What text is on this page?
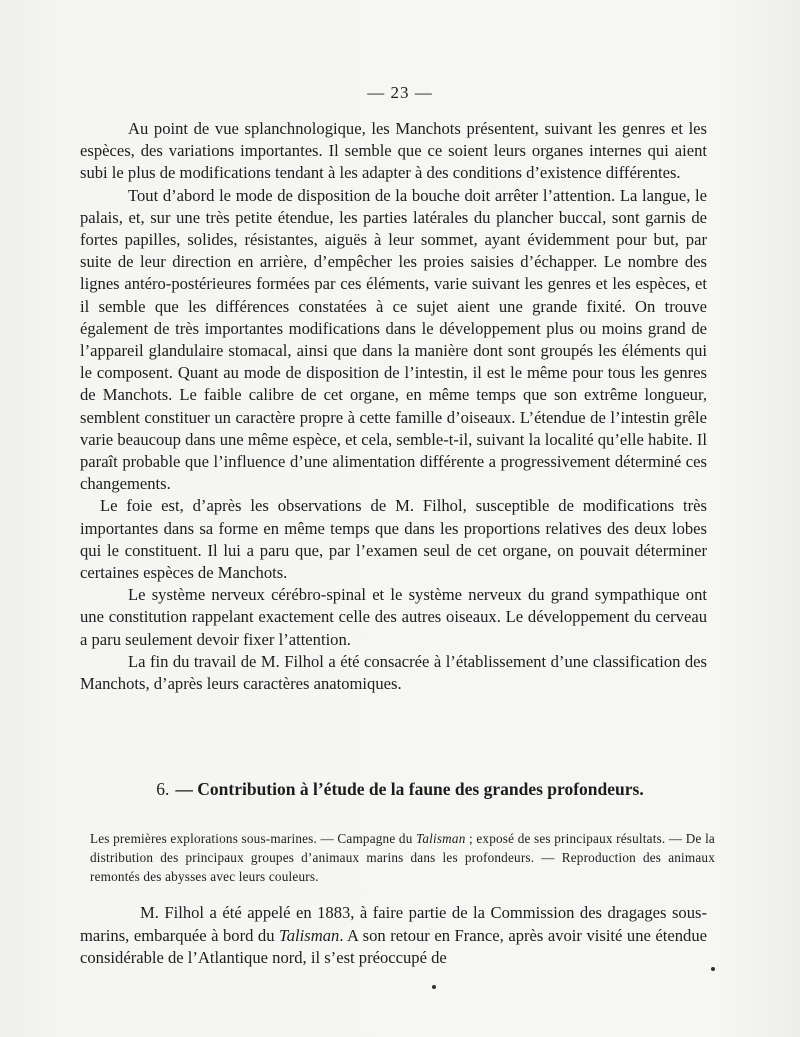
— 23 —

Au point de vue splanchnologique, les Manchots présentent, suivant les genres et les espèces, des variations importantes. Il semble que ce soient leurs organes internes qui aient subi le plus de modifications tendant à les adapter à des conditions d’existence différentes.

Tout d’abord le mode de disposition de la bouche doit arrêter l’attention. La langue, le palais, et, sur une très petite étendue, les parties latérales du plancher buccal, sont garnis de fortes papilles, solides, résistantes, aiguës à leur sommet, ayant évidemment pour but, par suite de leur direction en arrière, d’empêcher les proies saisies d’échapper. Le nombre des lignes antéro-postérieures formées par ces éléments, varie suivant les genres et les espèces, et il semble que les différences constatées à ce sujet aient une grande fixité. On trouve également de très importantes modifications dans le développement plus ou moins grand de l’appareil glandulaire stomacal, ainsi que dans la manière dont sont groupés les éléments qui le composent. Quant au mode de disposition de l’intestin, il est le même pour tous les genres de Manchots. Le faible calibre de cet organe, en même temps que son extrême longueur, semblent constituer un caractère propre à cette famille d’oiseaux. L’étendue de l’intestin grêle varie beaucoup dans une même espèce, et cela, semble-t-il, suivant la localité qu’elle habite. Il paraît probable que l’influence d’une alimentation différente a progressivement déterminé ces changements.

Le foie est, d’après les observations de M. Filhol, susceptible de modifications très importantes dans sa forme en même temps que dans les proportions relatives des deux lobes qui le constituent. Il lui a paru que, par l’examen seul de cet organe, on pouvait déterminer certaines espèces de Manchots.

Le système nerveux cérébro-spinal et le système nerveux du grand sympathique ont une constitution rappelant exactement celle des autres oiseaux. Le développement du cerveau a paru seulement devoir fixer l’attention.

La fin du travail de M. Filhol a été consacrée à l’établissement d’une classification des Manchots, d’après leurs caractères anatomiques.

6. — Contribution à l’étude de la faune des grandes profondeurs.

Les premières explorations sous-marines. — Campagne du Talisman ; exposé de ses principaux résultats. — De la distribution des principaux groupes d’animaux marins dans les profondeurs. — Reproduction des animaux remontés des abysses avec leurs couleurs.

M. Filhol a été appelé en 1883, à faire partie de la Commission des dragages sous-marins, embarquée à bord du Talisman. A son retour en France, après avoir visité une étendue considérable de l’Atlantique nord, il s’est préoccupé de
